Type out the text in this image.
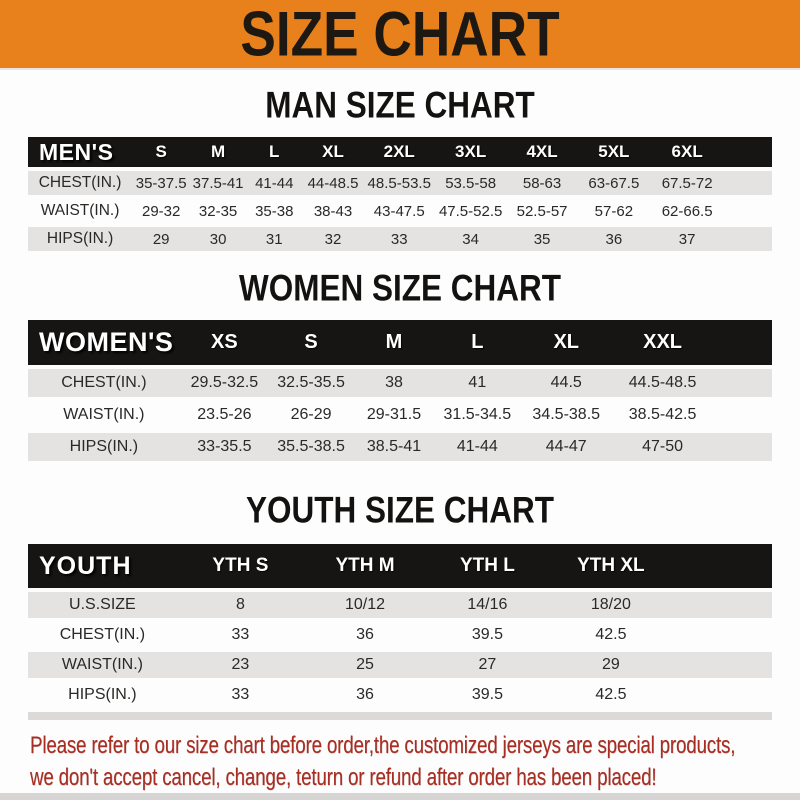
SIZE CHART
MAN SIZE CHART
MEN'S	S	M	L	XL	2XL	3XL	4XL	5XL	6XL
CHEST(IN.) 35-37.5 37.5-41 41-44 44-48.5 48.5-53.5 53.5-58	58-63	63-67.5	67.5-72
WAIST(IN.)	29-32	32-35	35-38	38-43	43-47.5 47.5-52.5 52.5-57	57-62	62-66.5
HIPS(IN.)	29	30	31	32	33	34	35	36	37
WOMEN SIZE CHART
WOMEN'S	XS	S	M	L	XL	XXL
CHEST(IN.)	29.5-32.5	32.5-35.5	38	41	44.5	44.5-48.5
WAIST(IN.)	23.5-26	26-29	29-31.5	31.5-34.5	34.5-38.5	38.5-42.5
HIPS(IN.)	33-35.5	35.5-38.5	38.5-41	41-44	44-47	47-50
YOUTH SIZE CHART
YOUTH	YTH S	YTH M	YTH L	YTH XL
U.S.SIZE	8	10/12	14/16	18/20
CHEST(IN.)	33	36	39.5	42.5
WAIST(IN.)	23	25	27	29
HIPS(IN.)	33	36	39.5	42.5
Please refer to our size chart before order,the customized jerseys are special products,
we don't accept cancel, change, teturn or refund after order has been placed!
